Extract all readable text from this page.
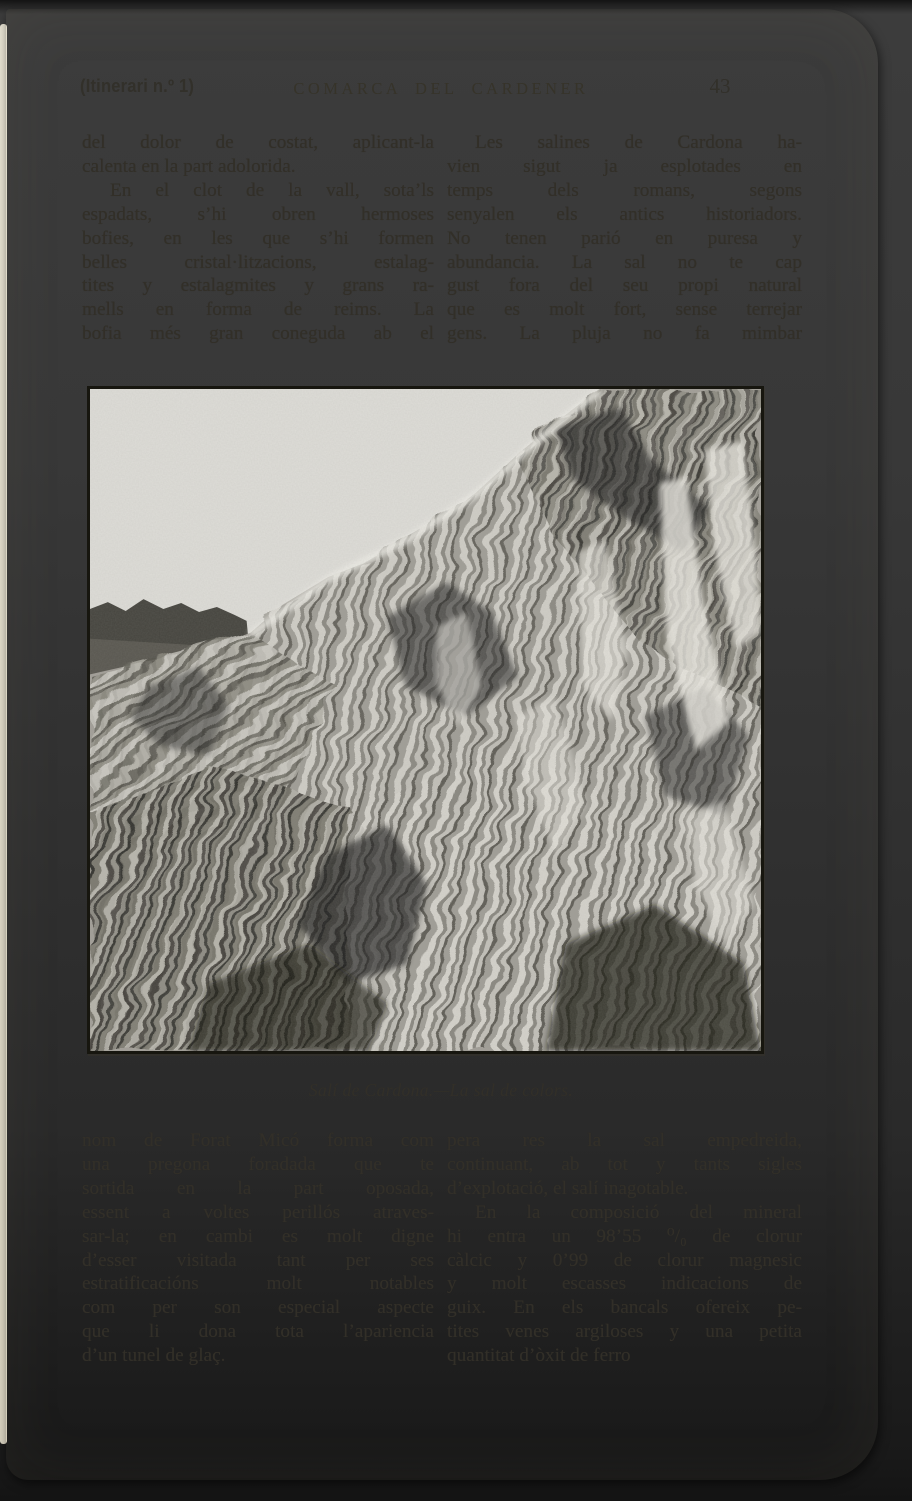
(Itinerari n.º 1)	COMARCA DEL CARDENER	43
del dolor de costat, aplicant-la
calenta en la part adolorida.
En el clot de la vall, sota’ls
espadats, s’hi obren hermoses
bofies, en les que s’hi formen
belles cristal·litzacions, estalag-
tites y estalagmites y grans ra-
mells en forma de reims. La
bofia més gran coneguda ab el
Les salines de Cardona ha-
vien sigut ja esplotades en
temps dels romans, segons
senyalen els antics historiadors.
No tenen parió en puresa y
abundancia. La sal no te cap
gust fora del seu propi natural
que es molt fort, sense terrejar
gens. La pluja no fa mimbar
Salí de Cardona.—La sal de colors.
nom de Forat Micó forma com
una pregona foradada que te
sortida en la part oposada,
essent a voltes perillós atraves-
sar-la; en cambi es molt digne
d’esser visitada tant per ses
estratificacións molt notables
com per son especial aspecte
que li dona tota l’apariencia
d’un tunel de glaç.
pera res la sal empedreida,
continuant, ab tot y tants sigles
d’explotació, el salí inagotable.
En la composició del mineral
hi entra un 98’55 ⁰/₀ de clorur
càlcic y 0’99 de clorur magnesic
y molt escasses indicacions de
guix. En els bancals ofereix pe-
tites venes argiloses y una petita
quantitat d’òxit de ferro
